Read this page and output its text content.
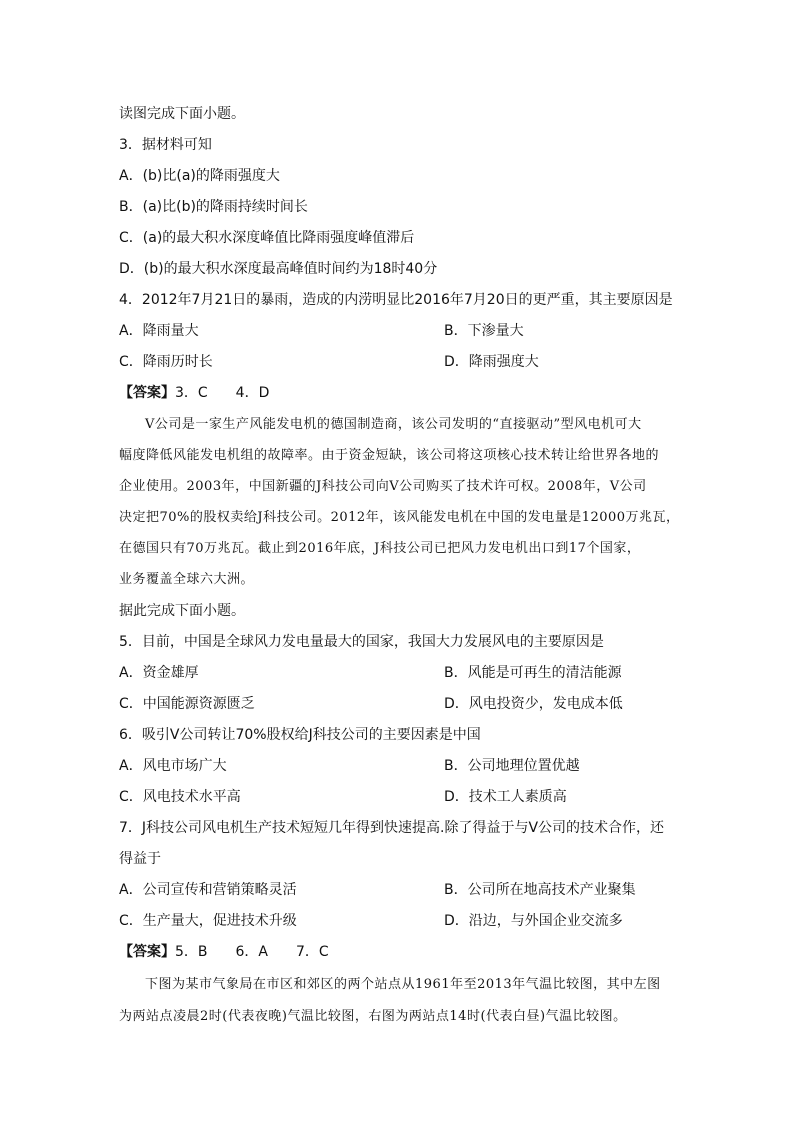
读图完成下面小题。
3．据材料可知
A．(b)比(a)的降雨强度大
B．(a)比(b)的降雨持续时间长
C．(a)的最大积水深度峰值比降雨强度峰值滞后
D．(b)的最大积水深度最高峰值时间约为18时40分
4．2012年7月21日的暴雨，造成的内涝明显比2016年7月20日的更严重，其主要原因是
A．降雨量大	B．下渗量大
C．降雨历时长	D．降雨强度大
【答案】3．C　　4．D
V公司是一家生产风能发电机的德国制造商，该公司发明的“直接驱动”型风电机可大
幅度降低风能发电机组的故障率。由于资金短缺，该公司将这项核心技术转让给世界各地的
企业使用。2003年，中国新疆的J科技公司向V公司购买了技术许可权。2008年，V公司
决定把70%的股权卖给J科技公司。2012年，该风能发电机在中国的发电量是12000万兆瓦，
在德国只有70万兆瓦。截止到2016年底，J科技公司已把风力发电机出口到17个国家，
业务覆盖全球六大洲。
据此完成下面小题。
5．目前，中国是全球风力发电量最大的国家，我国大力发展风电的主要原因是
A．资金雄厚	B．风能是可再生的清洁能源
C．中国能源资源匮乏	D．风电投资少，发电成本低
6．吸引V公司转让70%股权给J科技公司的主要因素是中国
A．风电市场广大	B．公司地理位置优越
C．风电技术水平高	D．技术工人素质高
7．J科技公司风电机生产技术短短几年得到快速提高.除了得益于与V公司的技术合作，还
得益于
A．公司宣传和营销策略灵活	B．公司所在地高技术产业聚集
C．生产量大，促进技术升级	D．沿边，与外国企业交流多
【答案】5．B　　6．A　　7．C
下图为某市气象局在市区和郊区的两个站点从1961年至2013年气温比较图，其中左图
为两站点凌晨2时(代表夜晚)气温比较图，右图为两站点14时(代表白昼)气温比较图。
